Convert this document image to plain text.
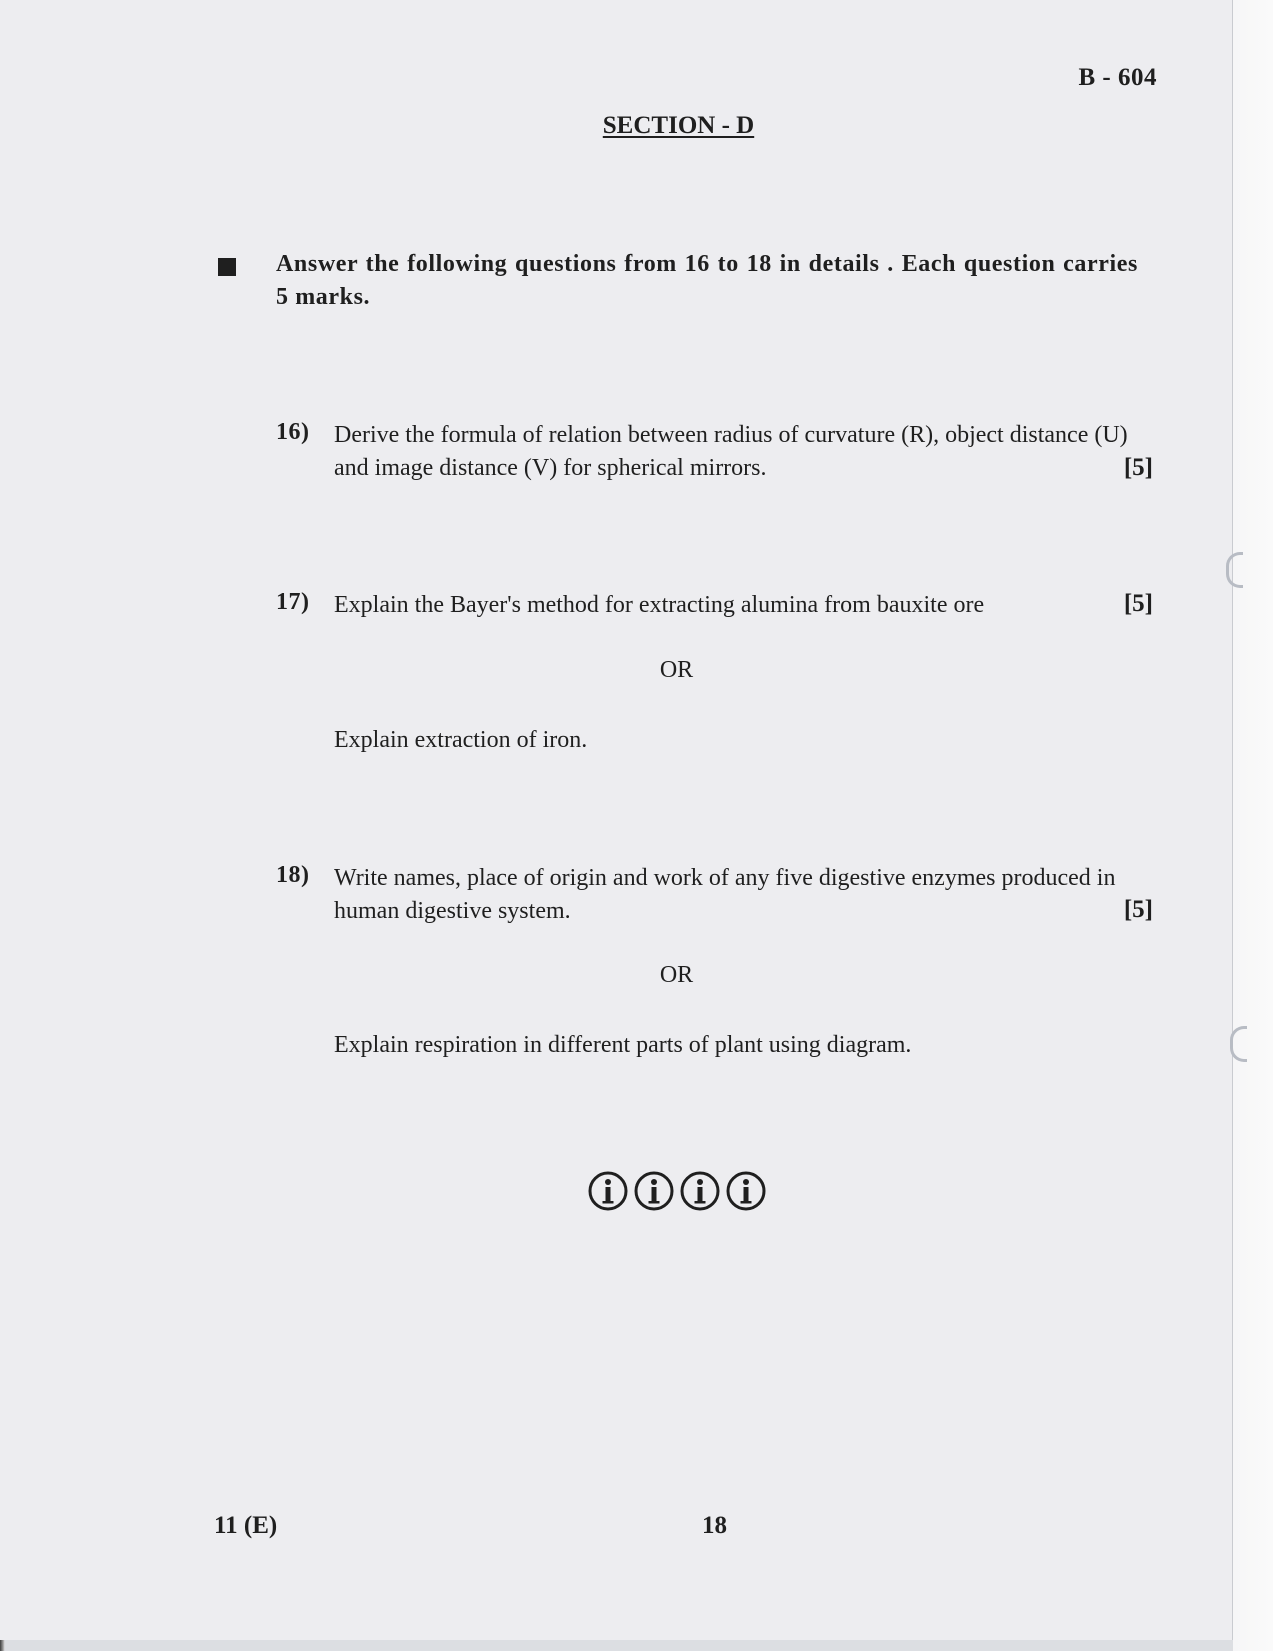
B - 604
SECTION - D
Answer the following questions from 16 to 18 in details . Each question carries 5 marks.
16) Derive the formula of relation between radius of curvature (R), object distance (U) and image distance (V) for spherical mirrors.	[5]
17) Explain the Bayer's method for extracting alumina from bauxite ore	[5]
OR
Explain extraction of iron.
18) Write names, place of origin and work of any five digestive enzymes produced in human digestive system.	[5]
OR
Explain respiration in different parts of plant using diagram.
11 (E)	18
